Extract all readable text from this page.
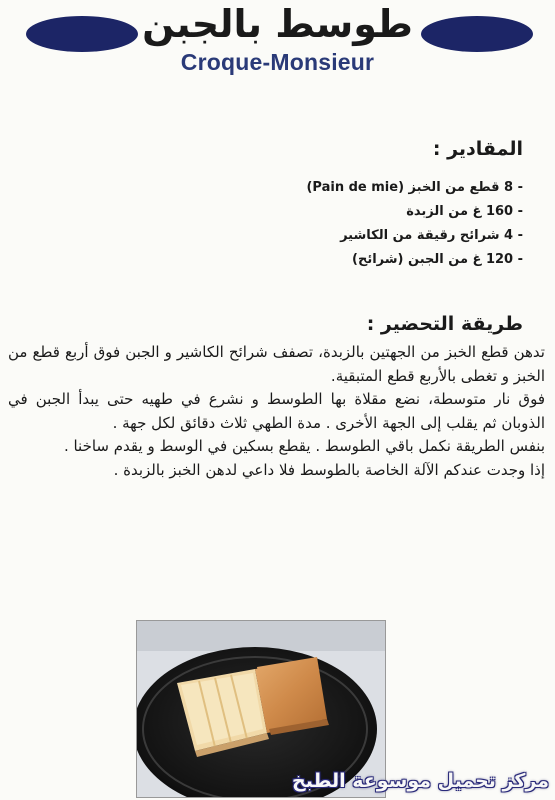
طوسط بالجبن
Croque-Monsieur
المقادير :
- 8 قطع من الخبز (Pain de mie)
- 160 غ من الزبدة
- 4 شرائح رقيقة من الكاشير
- 120 غ من الجبن (شرائح)
طريقة التحضير :

تدهن قطع الخبز من الجهتين بالزبدة، تصفف شرائح الكاشير و الجبن فوق أربع قطع من الخبز و تغطى بالأربع قطع المتبقية.

فوق نار متوسطة، نضع مقلاة بها الطوسط و نشرع في طهيه حتى يبدأ الجبن في الذوبان ثم يقلب إلى الجهة الأخرى . مدة الطهي ثلاث دقائق لكل جهة .

بنفس الطريقة نكمل باقي الطوسط . يقطع بسكين في الوسط و يقدم ساخنا .

إذا وجدت عندكم الآلة الخاصة بالطوسط فلا داعي لدهن الخبز بالزبدة .

مركز تحميل موسوعة الطبخ
